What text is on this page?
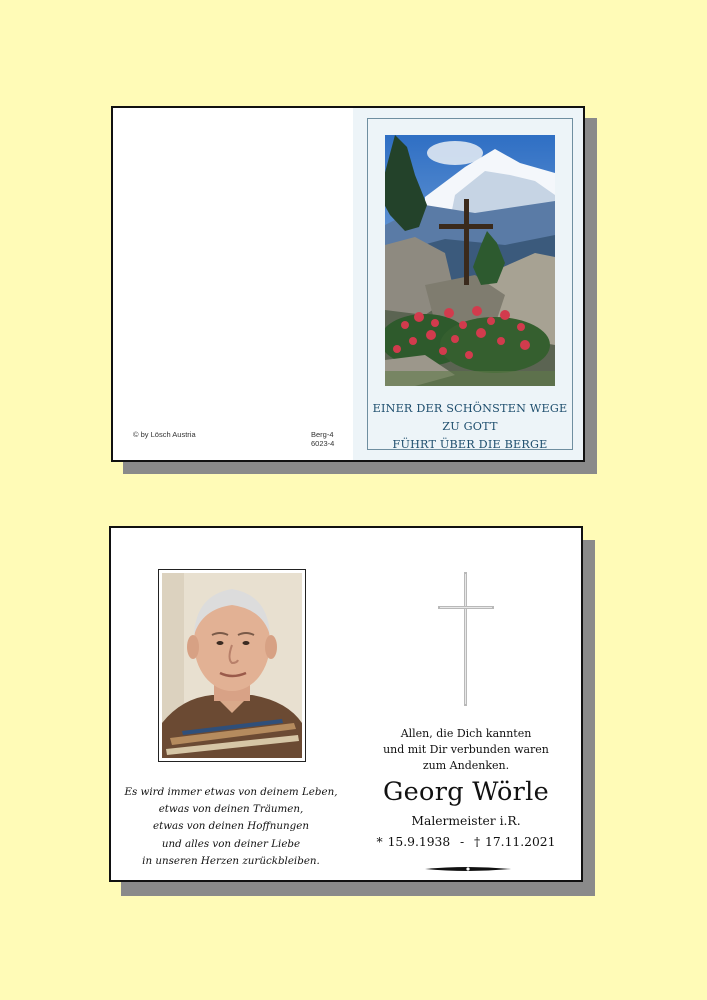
EINER DER SCHÖNSTEN WEGE ZU GOTT
FÜHRT ÜBER DIE BERGE
© by Lösch Austria	Berg-4
6023-4
Es wird immer etwas von deinem Leben,
etwas von deinen Träumen,
etwas von deinen Hoffnungen
und alles von deiner Liebe
in unseren Herzen zurückbleiben.
Allen, die Dich kannten
und mit Dir verbunden waren
zum Andenken.
Georg Wörle
Malermeister i.R.
* 15.9.1938  -  † 17.11.2021
